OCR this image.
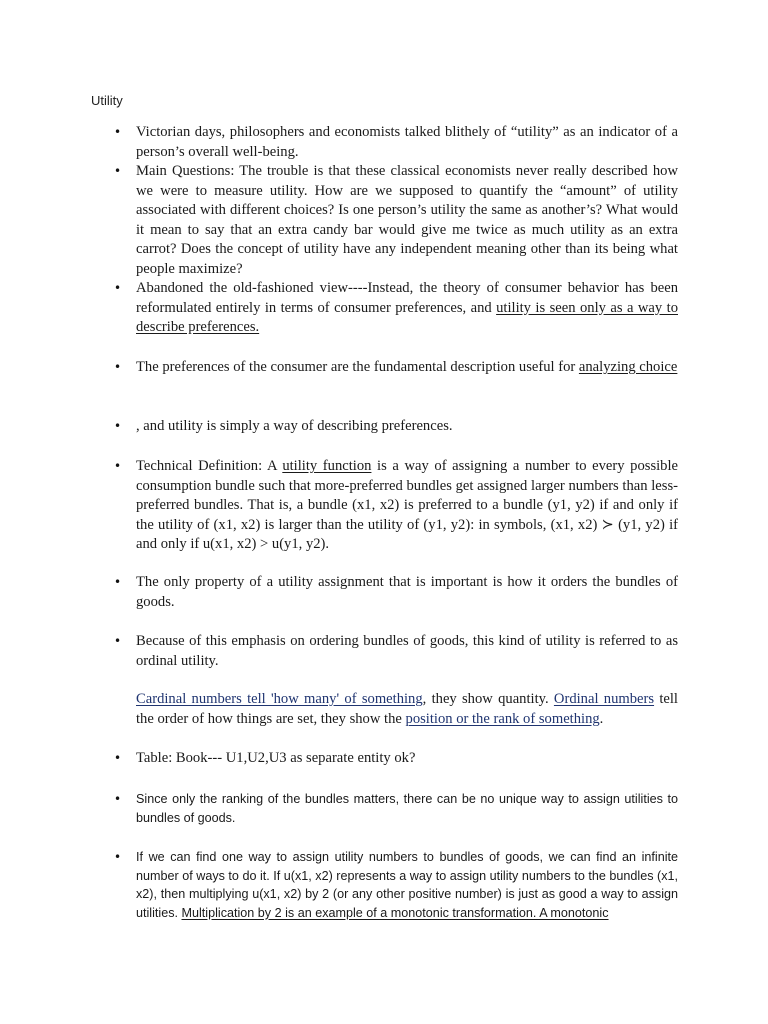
Utility
• Victorian days, philosophers and economists talked blithely of “utility” as an indicator of a person’s overall well-being.
• Main Questions: The trouble is that these classical economists never really described how we were to measure utility. How are we supposed to quantify the “amount” of utility associated with different choices? Is one person’s utility the same as another’s? What would it mean to say that an extra candy bar would give me twice as much utility as an extra carrot? Does the concept of utility have any independent meaning other than its being what people maximize?
• Abandoned the old-fashioned view----Instead, the theory of consumer behavior has been reformulated entirely in terms of consumer preferences, and utility is seen only as a way to describe preferences.
• The preferences of the consumer are the fundamental description useful for analyzing choice
• , and utility is simply a way of describing preferences.
• Technical Definition: A utility function is a way of assigning a number to every possible consumption bundle such that more-preferred bundles get assigned larger numbers than less-preferred bundles. That is, a bundle (x1, x2) is preferred to a bundle (y1, y2) if and only if the utility of (x1, x2) is larger than the utility of (y1, y2): in symbols, (x1, x2) ≻ (y1, y2) if and only if u(x1, x2) > u(y1, y2).
• The only property of a utility assignment that is important is how it orders the bundles of goods.
• Because of this emphasis on ordering bundles of goods, this kind of utility is referred to as ordinal utility.
Cardinal numbers tell 'how many' of something, they show quantity. Ordinal numbers tell the order of how things are set, they show the position or the rank of something.
• Table: Book--- U1,U2,U3 as separate entity ok?
• Since only the ranking of the bundles matters, there can be no unique way to assign utilities to bundles of goods.
• If we can find one way to assign utility numbers to bundles of goods, we can find an infinite number of ways to do it. If u(x1, x2) represents a way to assign utility numbers to the bundles (x1, x2), then multiplying u(x1, x2) by 2 (or any other positive number) is just as good a way to assign utilities. Multiplication by 2 is an example of a monotonic transformation. A monotonic
